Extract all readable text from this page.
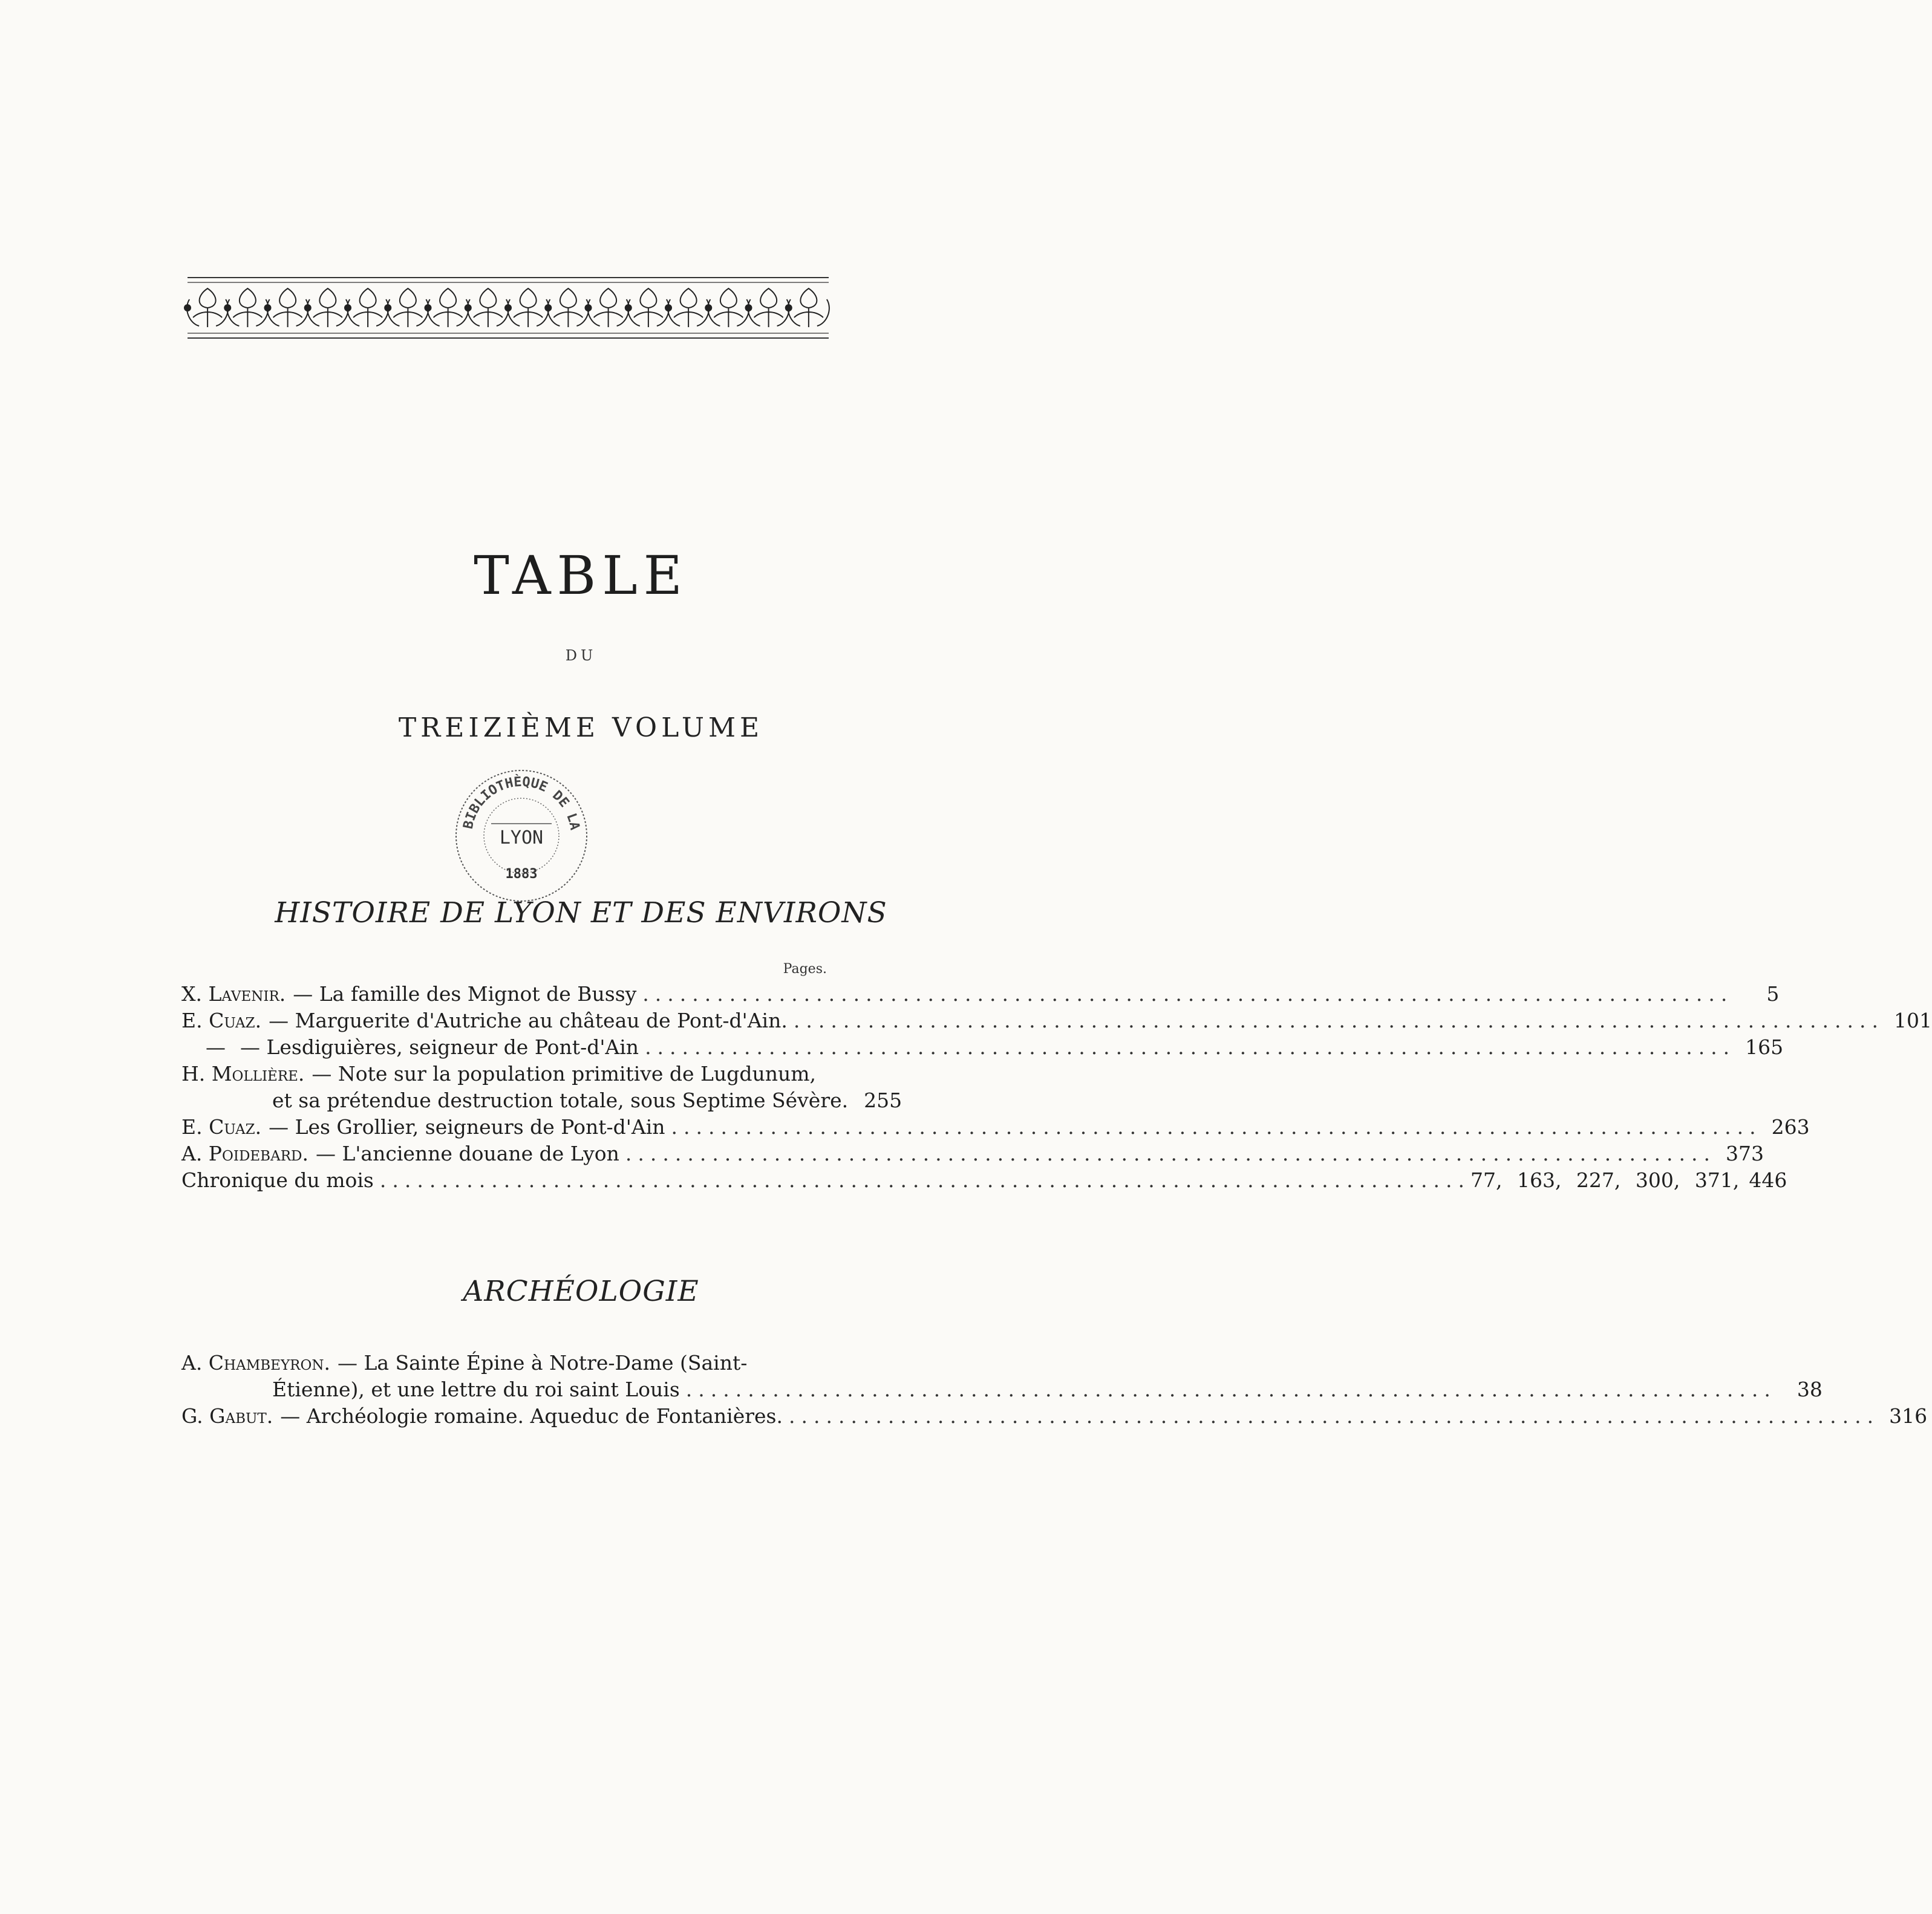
TABLE
DU
TREIZIÈME VOLUME
BIBLIOTHÈQUE DE LA
LYON
1883
HISTOIRE DE LYON ET DES ENVIRONS
Pages.
X. Lavenir. — La famille des Mignot de Bussy ........................................................................................	5
E. Cuaz. — Marguerite d'Autriche au château de Pont-d'Ain. ........................................................................................ 101
— — Lesdiguières, seigneur de Pont-d'Ain ........................................................................................ 165
H. Mollière. — Note sur la population primitive de Lugdunum,
et sa prétendue destruction totale, sous Septime Sévère. 255
E. Cuaz. — Les Grollier, seigneurs de Pont-d'Ain ........................................................................................ 263
A. Poidebard. — L'ancienne douane de Lyon ........................................................................................ 373
Chronique du mois ........................................................................................ 77, 163, 227, 300, 371, 446
ARCHÉOLOGIE
A. Chambeyron. — La Sainte Épine à Notre-Dame (Saint-
Étienne), et une lettre du roi saint Louis ........................................................................................	38
G. Gabut. — Archéologie romaine. Aqueduc de Fontanières. ........................................................................................ 316
